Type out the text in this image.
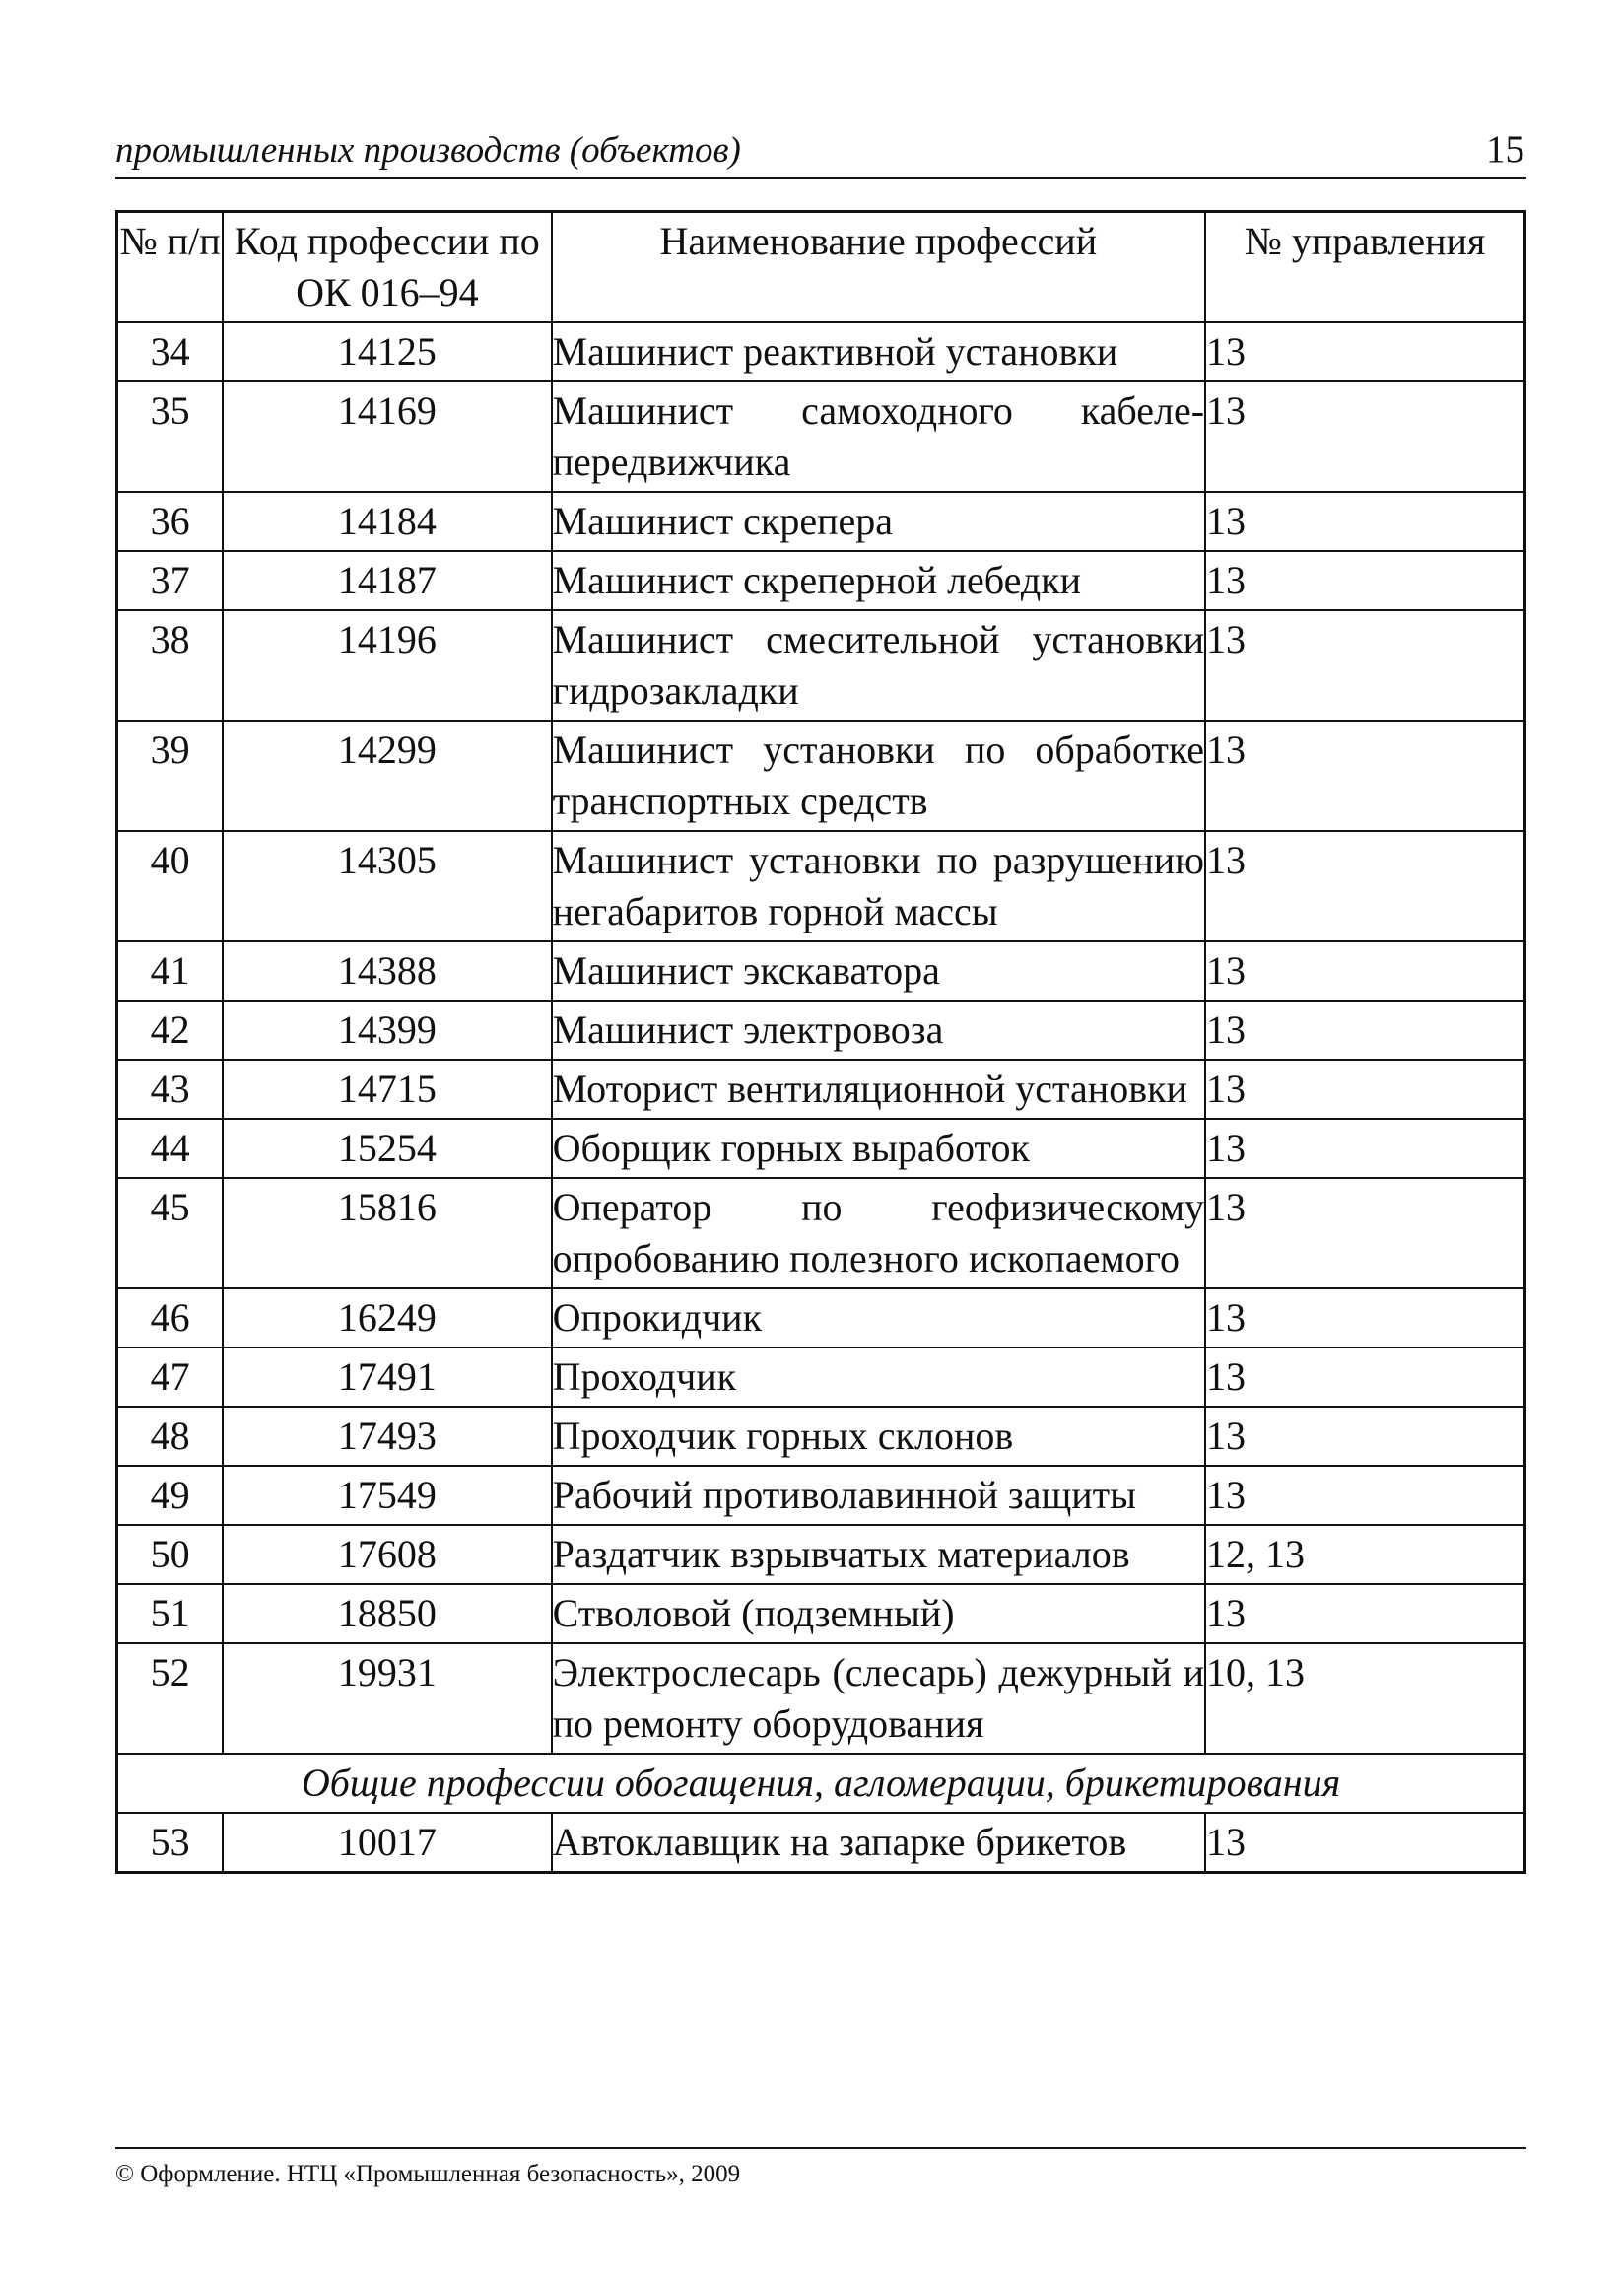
промышленных производств (объектов)	15
№ п/п	Код профессии по ОК 016–94	Наименование профессий	№ управления
34	14125	Машинист реактивной установки	13
35	14169	Машинист самоходного кабеле-передвижчика	13
36	14184	Машинист скрепера	13
37	14187	Машинист скреперной лебедки	13
38	14196	Машинист смесительной установки гидрозакладки	13
39	14299	Машинист установки по обработке транспортных средств	13
40	14305	Машинист установки по разрушению негабаритов горной массы	13
41	14388	Машинист экскаватора	13
42	14399	Машинист электровоза	13
43	14715	Моторист вентиляционной установки	13
44	15254	Оборщик горных выработок	13
45	15816	Оператор по геофизическому опробованию полезного ископаемого	13
46	16249	Опрокидчик	13
47	17491	Проходчик	13
48	17493	Проходчик горных склонов	13
49	17549	Рабочий противолавинной защиты	13
50	17608	Раздатчик взрывчатых материалов	12, 13
51	18850	Стволовой (подземный)	13
52	19931	Электрослесарь (слесарь) дежурный и по ремонту оборудования	10, 13
Общие профессии обогащения, агломерации, брикетирования			
53	10017	Автоклавщик на запарке брикетов	13
© Оформление. НТЦ «Промышленная безопасность», 2009
